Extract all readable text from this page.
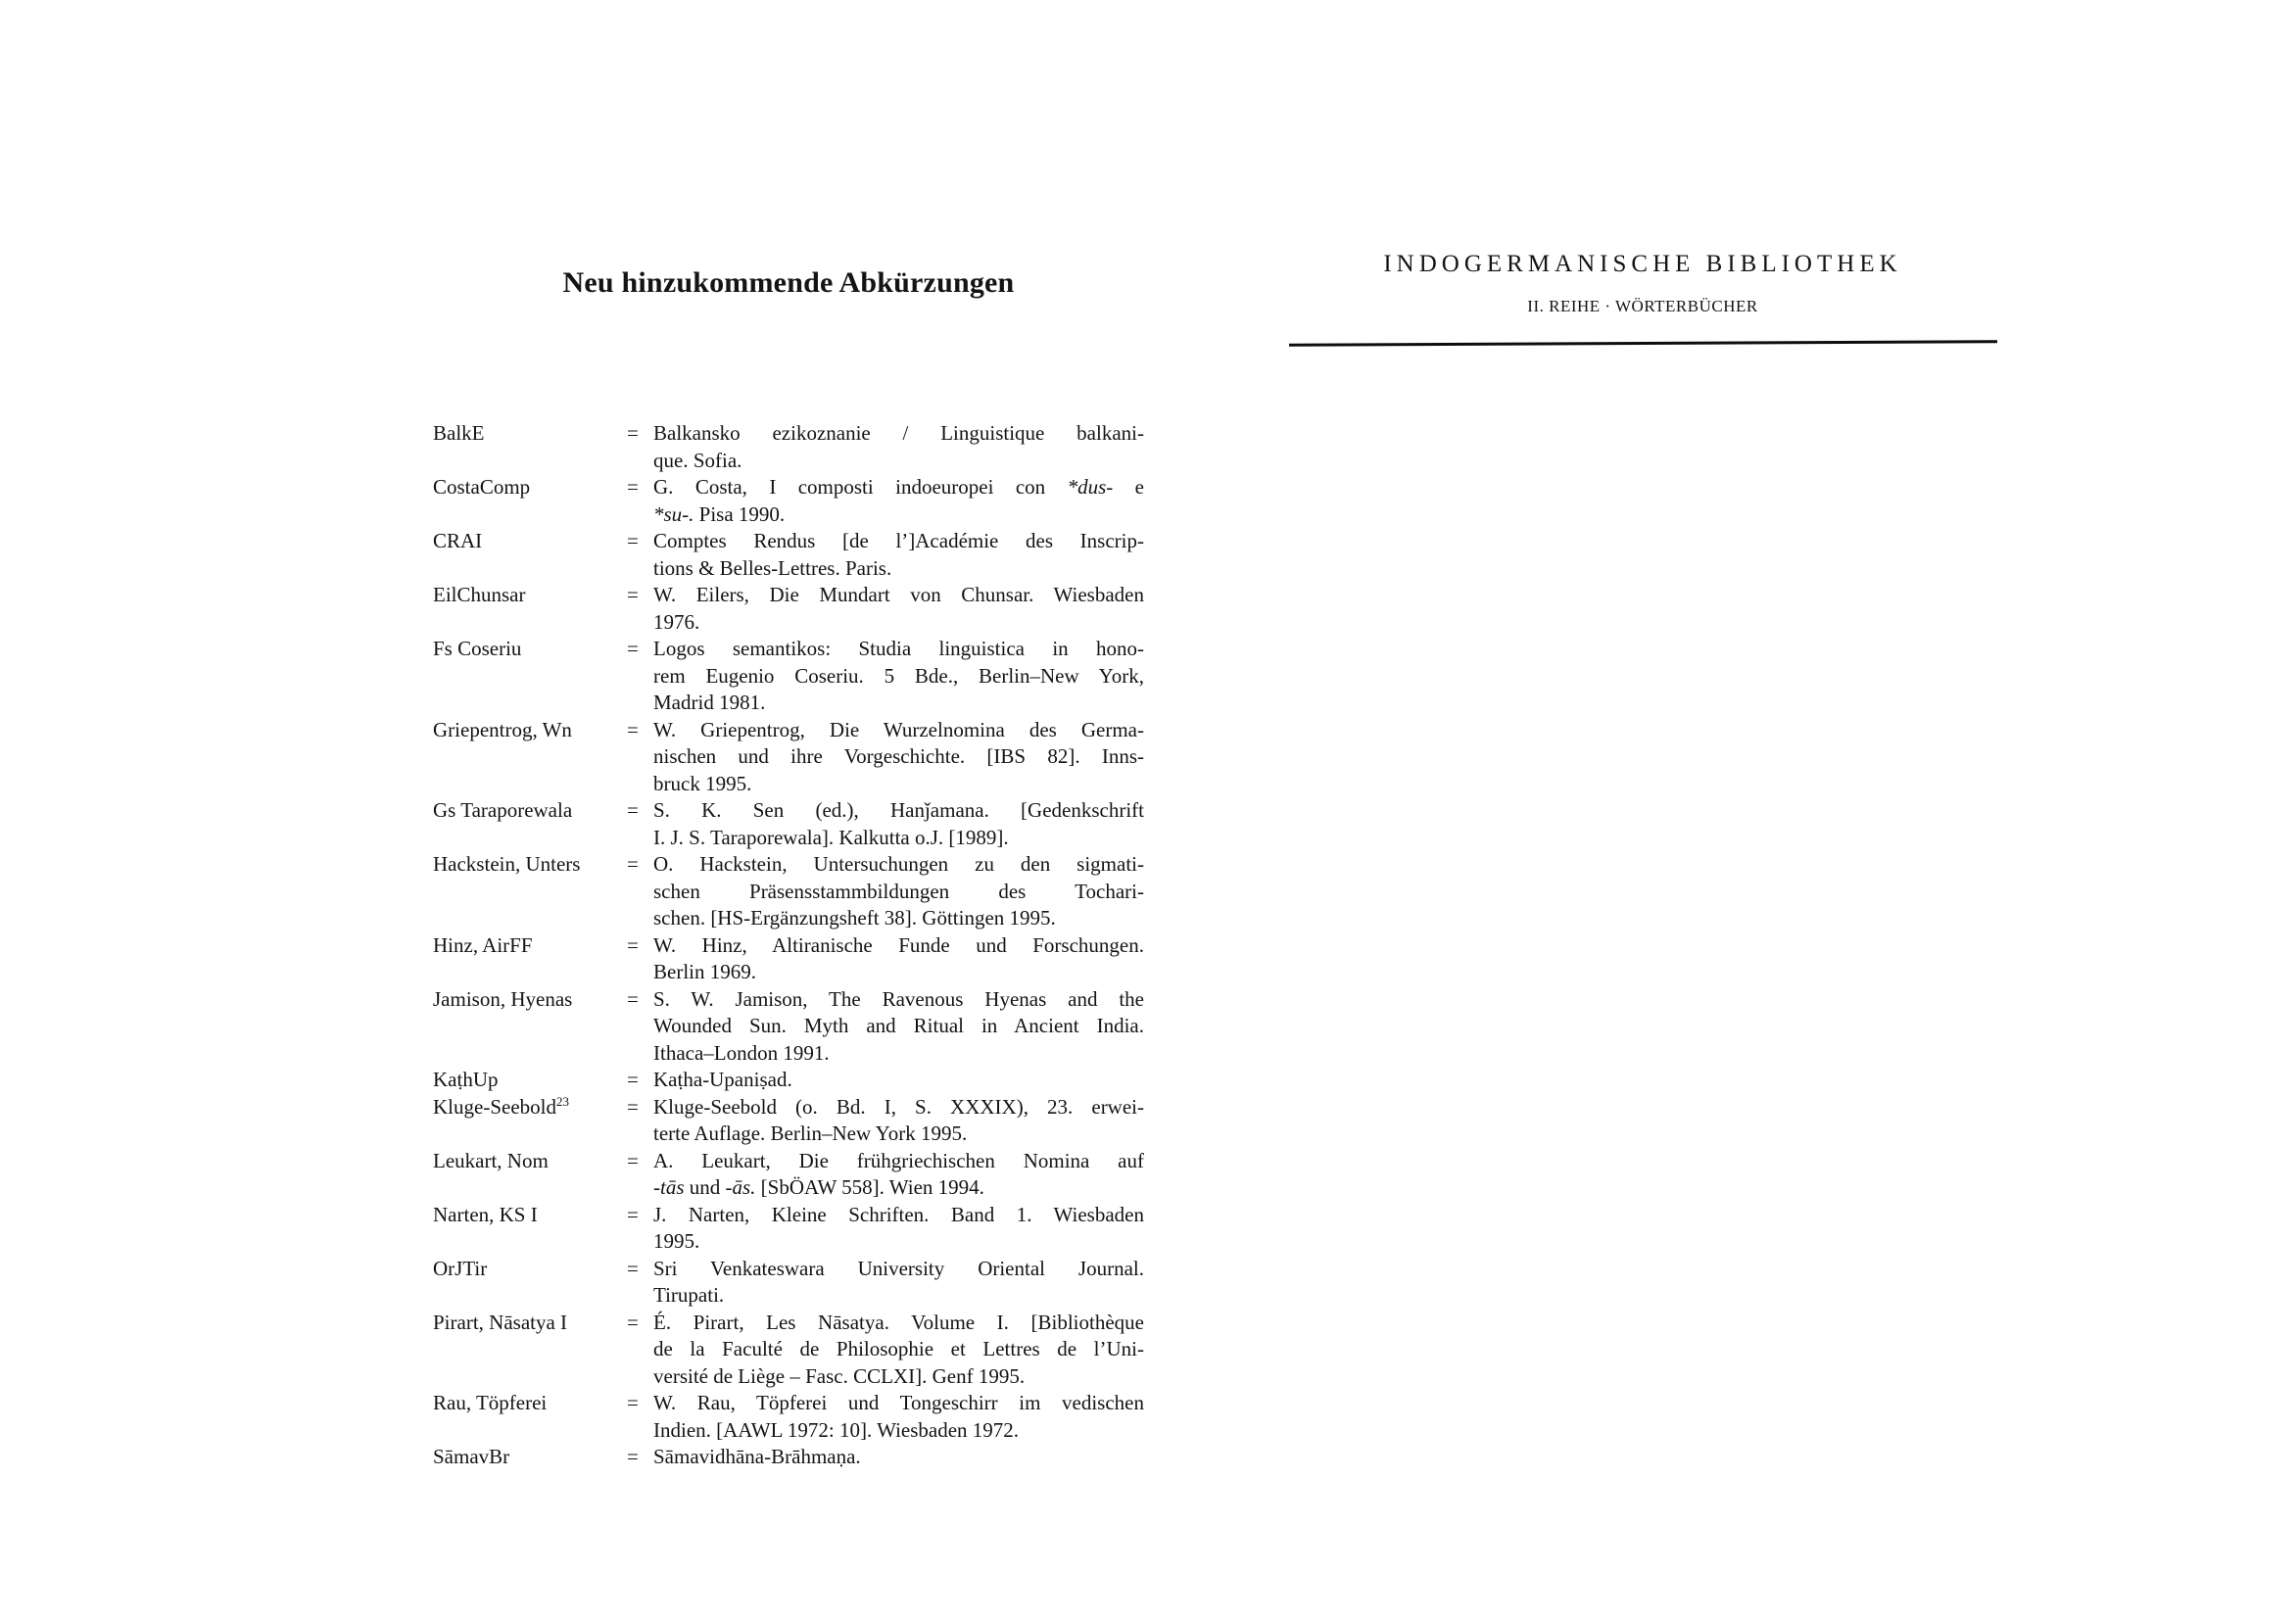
Neu hinzukommende Abkürzungen
BalkE	= Balkansko ezikoznanie / Linguistique balkani-
que. Sofia.
CostaComp	= G. Costa, I composti indoeuropei con *dus- e
*su-. Pisa 1990.
CRAI	= Comptes Rendus [de l’]Académie des Inscrip-
tions & Belles-Lettres. Paris.
EilChunsar	= W. Eilers, Die Mundart von Chunsar. Wiesbaden
1976.
Fs Coseriu	= Logos semantikos: Studia linguistica in hono-
rem Eugenio Coseriu. 5 Bde., Berlin–New York,
Madrid 1981.
Griepentrog, Wn	= W. Griepentrog, Die Wurzelnomina des Germa-
nischen und ihre Vorgeschichte. [IBS 82]. Inns-
bruck 1995.
Gs Taraporewala	= S. K. Sen (ed.), Hanǰamana. [Gedenkschrift
I. J. S. Taraporewala]. Kalkutta o.J. [1989].
Hackstein, Unters	= O. Hackstein, Untersuchungen zu den sigmati-
schen Präsensstammbildungen des Tochari-
schen. [HS-Ergänzungsheft 38]. Göttingen 1995.
Hinz, AirFF	= W. Hinz, Altiranische Funde und Forschungen.
Berlin 1969.
Jamison, Hyenas	= S. W. Jamison, The Ravenous Hyenas and the
Wounded Sun. Myth and Ritual in Ancient India.
Ithaca–London 1991.
KaṭhUp	= Kaṭha-Upaniṣad.
Kluge-Seebold$^{23}$	= Kluge-Seebold (o. Bd. I, S. XXXIX), 23. erwei-
terte Auflage. Berlin–New York 1995.
Leukart, Nom	= A. Leukart, Die frühgriechischen Nomina auf
-tās und -ās. [SbÖAW 558]. Wien 1994.
Narten, KS I	= J. Narten, Kleine Schriften. Band 1. Wiesbaden
1995.
OrJTir	= Sri Venkateswara University Oriental Journal.
Tirupati.
Pirart, Nāsatya I	= É. Pirart, Les Nāsatya. Volume I. [Bibliothèque
de la Faculté de Philosophie et Lettres de l’Uni-
versité de Liège – Fasc. CCLXI]. Genf 1995.
Rau, Töpferei	= W. Rau, Töpferei und Tongeschirr im vedischen
Indien. [AAWL 1972: 10]. Wiesbaden 1972.
SāmavBr	= Sāmavidhāna-Brāhmaṇa.
INDOGERMANISCHE BIBLIOTHEK
II. REIHE · WÖRTERBÜCHER
